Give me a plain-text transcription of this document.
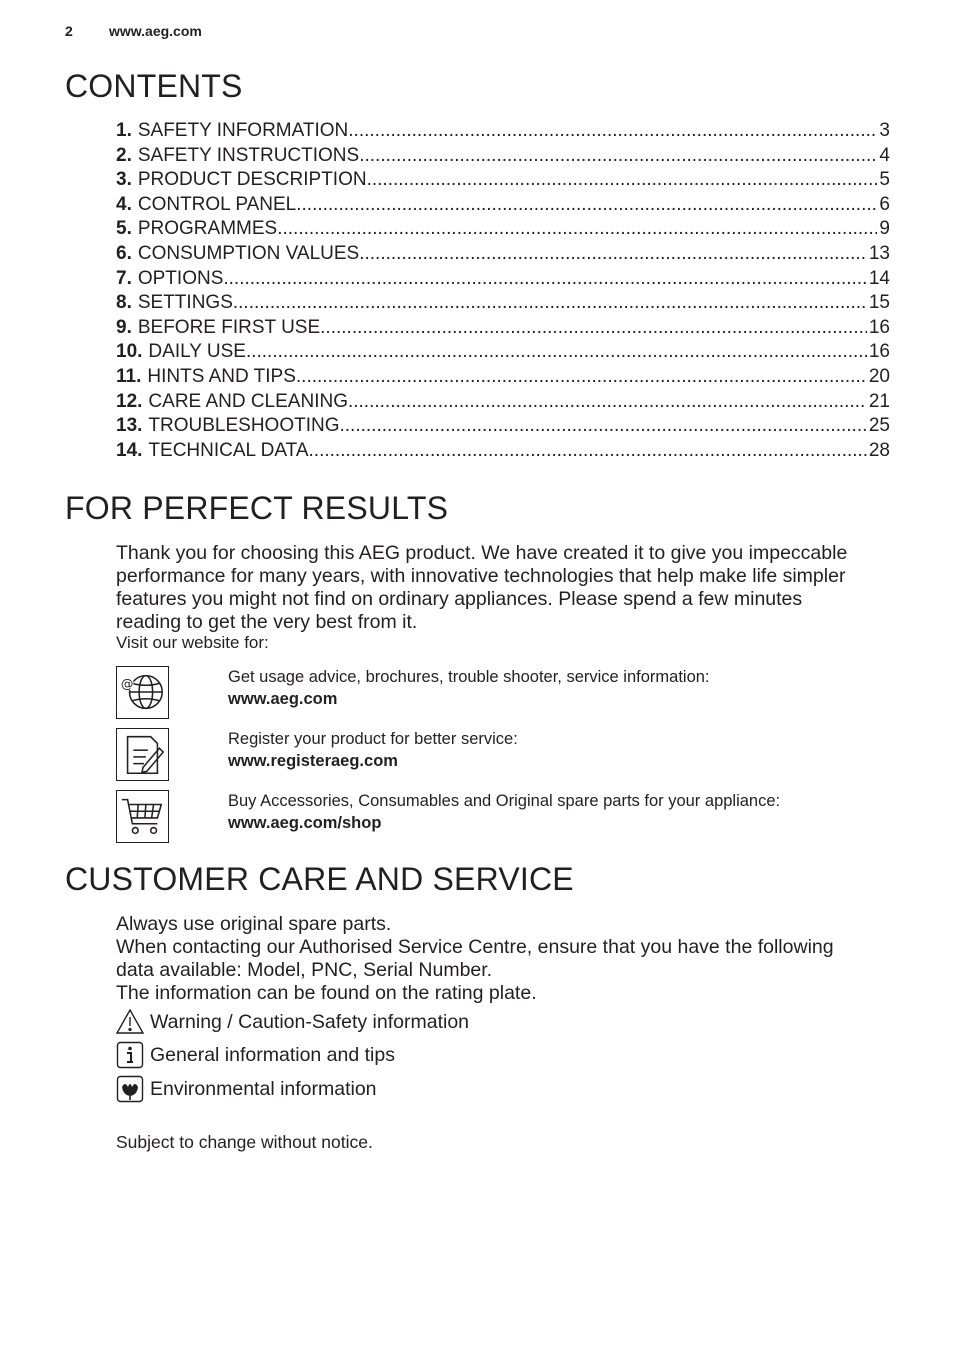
2	www.aeg.com
CONTENTS
1. SAFETY INFORMATION .....	3
2. SAFETY INSTRUCTIONS .....	4
3. PRODUCT DESCRIPTION .....	5
4. CONTROL PANEL .....	6
5. PROGRAMMES .....	9
6. CONSUMPTION VALUES .....	13
7. OPTIONS .....	14
8. SETTINGS .....	15
9. BEFORE FIRST USE .....	16
10. DAILY USE .....	16
11. HINTS AND TIPS .....	20
12. CARE AND CLEANING .....	21
13. TROUBLESHOOTING .....	25
14. TECHNICAL DATA .....	28
FOR PERFECT RESULTS

Thank you for choosing this AEG product. We have created it to give you impeccable

performance for many years, with innovative technologies that help make life simpler

features you might not find on ordinary appliances. Please spend a few minutes

reading to get the very best from it.

Visit our website for:
@	Get usage advice, brochures, trouble shooter, service information:
www.aeg.com
Register your product for better service:
www.registeraeg.com
Buy Accessories, Consumables and Original spare parts for your appliance:
www.aeg.com/shop
CUSTOMER CARE AND SERVICE

Always use original spare parts.

When contacting our Authorised Service Centre, ensure that you have the following

data available: Model, PNC, Serial Number.

The information can be found on the rating plate.

Warning / Caution-Safety information
General information and tips
Environmental information
Subject to change without notice.
